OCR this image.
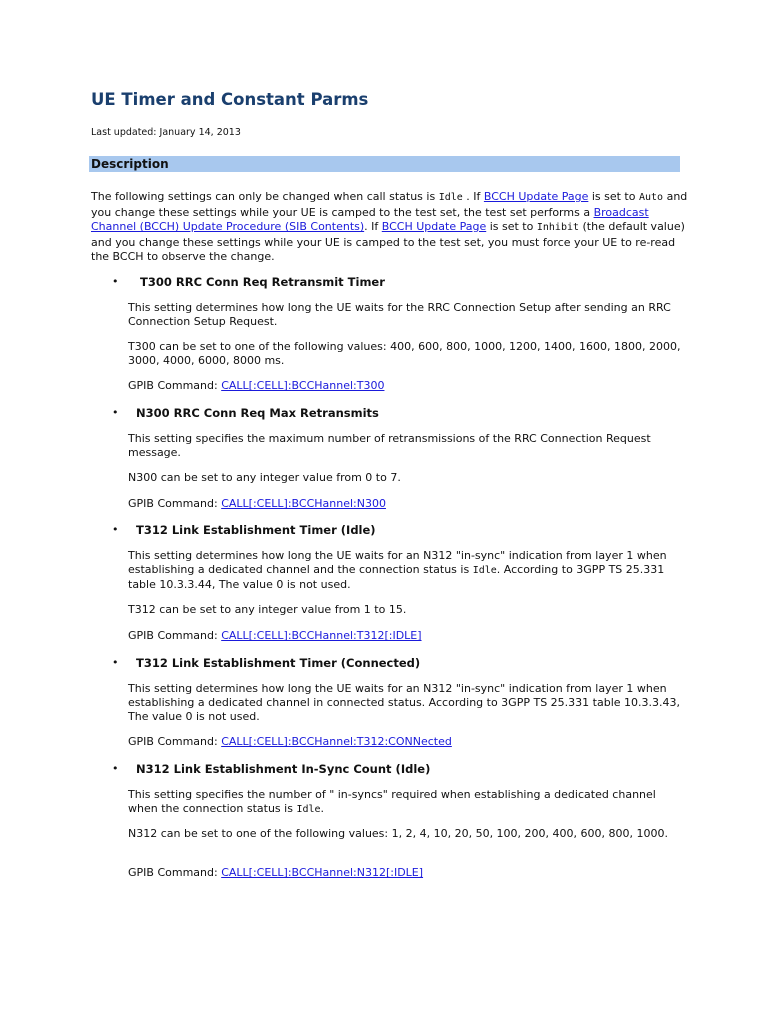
UE Timer and Constant Parms
Last updated: January 14, 2013
Description

The following settings can only be changed when call status is Idle . If BCCH Update Page is set to Auto and you change these settings while your UE is camped to the test set, the test set performs a Broadcast Channel (BCCH) Update Procedure (SIB Contents). If BCCH Update Page is set to Inhibit (the default value) and you change these settings while your UE is camped to the test set, you must force your UE to re-read the BCCH to observe the change.

• T300 RRC Conn Req Retransmit Timer

This setting determines how long the UE waits for the RRC Connection Setup after sending an RRC Connection Setup Request.

T300 can be set to one of the following values: 400, 600, 800, 1000, 1200, 1400, 1600, 1800, 2000, 3000, 4000, 6000, 8000 ms.

GPIB Command: CALL[:CELL]:BCCHannel:T300

• N300 RRC Conn Req Max Retransmits

This setting specifies the maximum number of retransmissions of the RRC Connection Request message.

N300 can be set to any integer value from 0 to 7.

GPIB Command: CALL[:CELL]:BCCHannel:N300

• T312 Link Establishment Timer (Idle)

This setting determines how long the UE waits for an N312 "in-sync" indication from layer 1 when establishing a dedicated channel and the connection status is Idle. According to 3GPP TS 25.331 table 10.3.3.44, The value 0 is not used.

T312 can be set to any integer value from 1 to 15.

GPIB Command: CALL[:CELL]:BCCHannel:T312[:IDLE]

• T312 Link Establishment Timer (Connected)

This setting determines how long the UE waits for an N312 "in-sync" indication from layer 1 when establishing a dedicated channel in connected status. According to 3GPP TS 25.331 table 10.3.3.43, The value 0 is not used.

GPIB Command: CALL[:CELL]:BCCHannel:T312:CONNected

• N312 Link Establishment In-Sync Count (Idle)

This setting specifies the number of " in-syncs" required when establishing a dedicated channel when the connection status is Idle.

N312 can be set to one of the following values: 1, 2, 4, 10, 20, 50, 100, 200, 400, 600, 800, 1000.

GPIB Command: CALL[:CELL]:BCCHannel:N312[:IDLE]
